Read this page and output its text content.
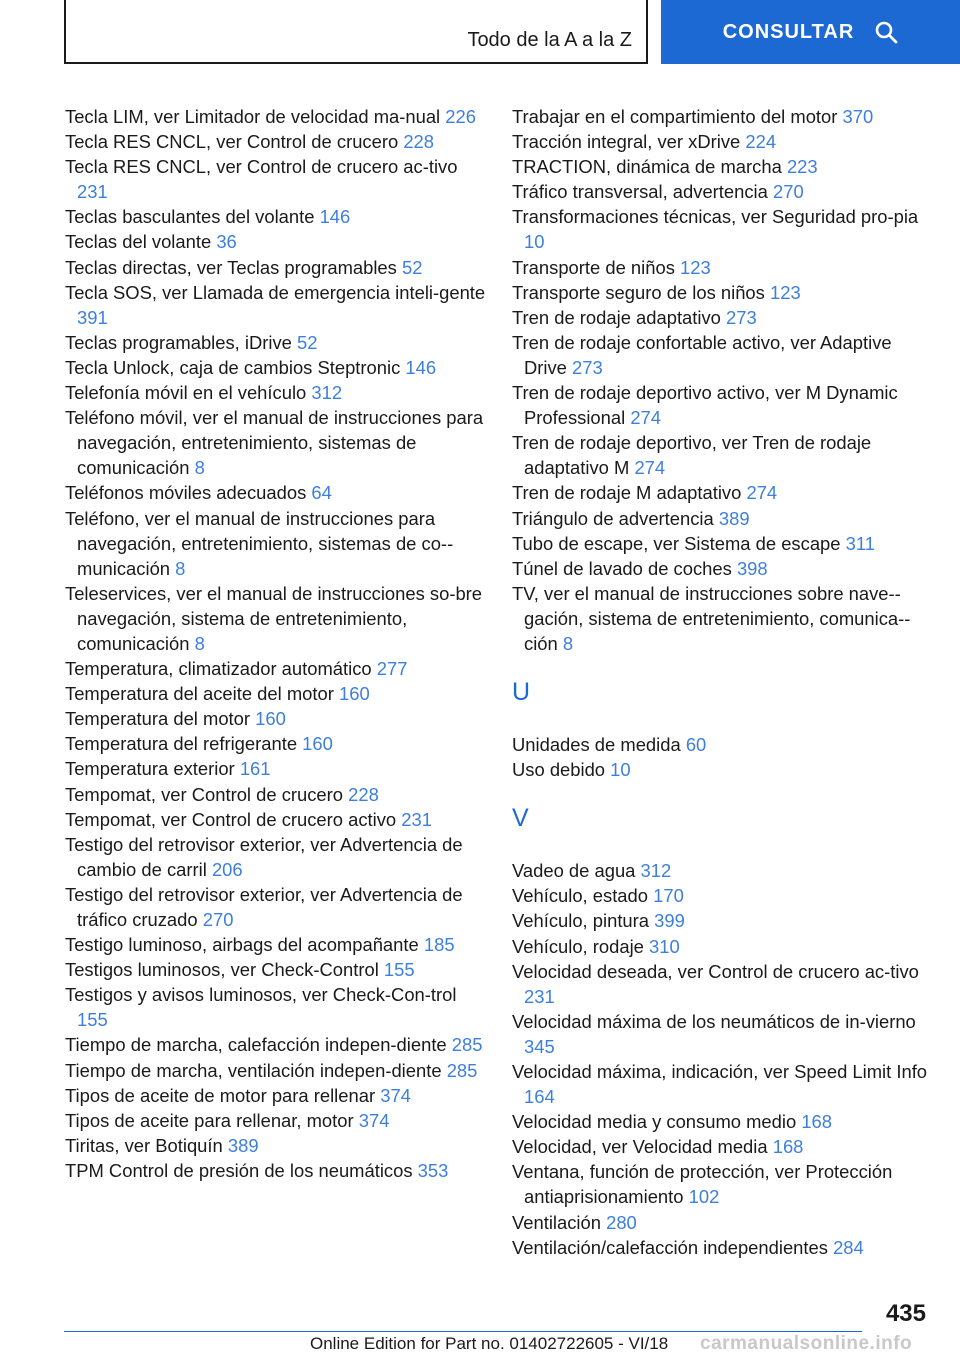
Todo de la A a la Z	CONSULTAR
Tecla LIM, ver Limitador de velocidad ma-nual 226
Tecla RES CNCL, ver Control de crucero 228
Tecla RES CNCL, ver Control de crucero ac-tivo 231
Teclas basculantes del volante 146
Teclas del volante 36
Teclas directas, ver Teclas programables 52
Tecla SOS, ver Llamada de emergencia inteli-gente 391
Teclas programables, iDrive 52
Tecla Unlock, caja de cambios Steptronic 146
Telefonía móvil en el vehículo 312
Teléfono móvil, ver el manual de instrucciones para navegación, entretenimiento, sistemas de comunicación 8
Teléfonos móviles adecuados 64
Teléfono, ver el manual de instrucciones para navegación, entretenimiento, sistemas de co-municación 8
Teleservices, ver el manual de instrucciones so-bre navegación, sistema de entretenimiento, comunicación 8
Temperatura, climatizador automático 277
Temperatura del aceite del motor 160
Temperatura del motor 160
Temperatura del refrigerante 160
Temperatura exterior 161
Tempomat, ver Control de crucero 228
Tempomat, ver Control de crucero activo 231
Testigo del retrovisor exterior, ver Advertencia de cambio de carril 206
Testigo del retrovisor exterior, ver Advertencia de tráfico cruzado 270
Testigo luminoso, airbags del acompañante 185
Testigos luminosos, ver Check-Control 155
Testigos y avisos luminosos, ver Check-Con-trol 155
Tiempo de marcha, calefacción indepen-diente 285
Tiempo de marcha, ventilación indepen-diente 285
Tipos de aceite de motor para rellenar 374
Tipos de aceite para rellenar, motor 374
Tiritas, ver Botiquín 389
TPM Control de presión de los neumáticos 353
Trabajar en el compartimiento del motor 370
Tracción integral, ver xDrive 224
TRACTION, dinámica de marcha 223
Tráfico transversal, advertencia 270
Transformaciones técnicas, ver Seguridad pro-pia 10
Transporte de niños 123
Transporte seguro de los niños 123
Tren de rodaje adaptativo 273
Tren de rodaje confortable activo, ver Adaptive Drive 273
Tren de rodaje deportivo activo, ver M Dynamic Professional 274
Tren de rodaje deportivo, ver Tren de rodaje adaptativo M 274
Tren de rodaje M adaptativo 274
Triángulo de advertencia 389
Tubo de escape, ver Sistema de escape 311
Túnel de lavado de coches 398
TV, ver el manual de instrucciones sobre nave-gación, sistema de entretenimiento, comunica-ción 8
U
Unidades de medida 60
Uso debido 10
V
Vadeo de agua 312
Vehículo, estado 170
Vehículo, pintura 399
Vehículo, rodaje 310
Velocidad deseada, ver Control de crucero ac-tivo 231
Velocidad máxima de los neumáticos de in-vierno 345
Velocidad máxima, indicación, ver Speed Limit Info 164
Velocidad media y consumo medio 168
Velocidad, ver Velocidad media 168
Ventana, función de protección, ver Protección antiaprisionamiento 102
Ventilación 280
Ventilación/calefacción independientes 284
435
Online Edition for Part no. 01402722605 - VI/18 carmanualsonline.info
